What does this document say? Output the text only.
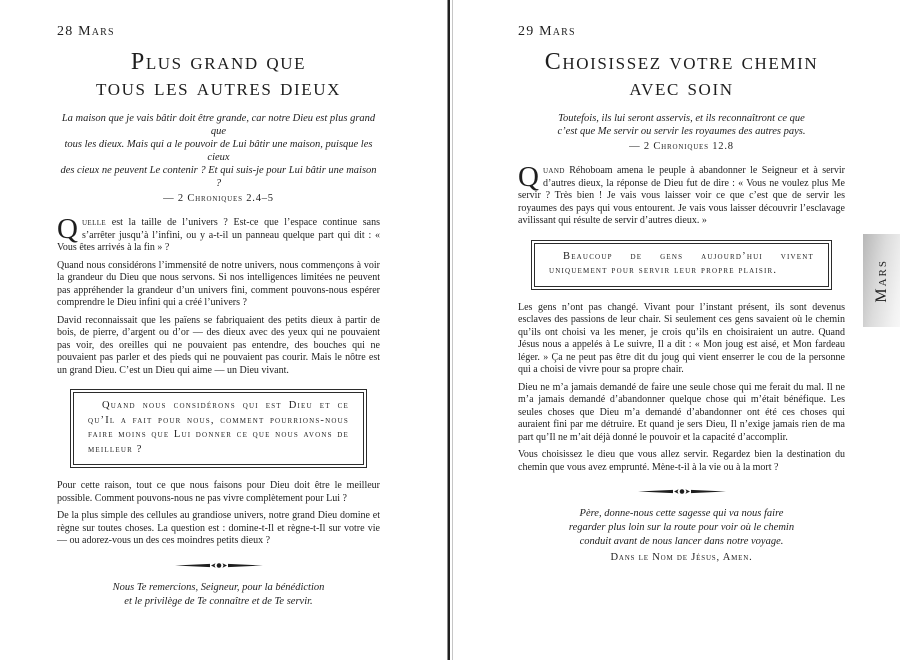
28 Mars
Plus grand que
tous les autres dieux
La maison que je vais bâtir doit être grande, car notre Dieu est plus grand que
tous les dieux. Mais qui a le pouvoir de Lui bâtir une maison, puisque les cieux
des cieux ne peuvent Le contenir ? Et qui suis-je pour Lui bâtir une maison ?
— 2 Chroniques 2.4–5

Quelle est la taille de l’univers ? Est-ce que l’espace continue sans s’arrêter jusqu’à l’infini, ou y a-t-il un panneau quelque part qui dit : « Vous êtes arrivés à la fin » ?

Quand nous considérons l’immensité de notre univers, nous commençons à voir la grandeur du Dieu que nous servons. Si nos intelligences limitées ne peuvent pas appréhender la grandeur d’un univers fini, comment pouvons-nous espérer comprendre le Dieu infini qui a créé l’univers ?

David reconnaissait que les païens se fabriquaient des petits dieux à partir de bois, de pierre, d’argent ou d’or — des dieux avec des yeux qui ne pouvaient pas voir, des oreilles qui ne pouvaient pas entendre, des bouches qui ne pouvaient pas parler et des pieds qui ne pouvaient pas courir. Mais le nôtre est un grand Dieu. C’est un Dieu qui aime — un Dieu vivant.

Quand nous considérons qui est Dieu et ce qu’Il a fait pour nous, comment pourrions-nous faire moins que Lui donner ce que nous avons de meilleur ?

Pour cette raison, tout ce que nous faisons pour Dieu doit être le meilleur possible. Comment pouvons-nous ne pas vivre complètement pour Lui ?

De la plus simple des cellules au grandiose univers, notre grand Dieu domine et règne sur toutes choses. La question est : domine-t-Il et règne-t-Il sur votre vie — ou adorez-vous un des ces moindres petits dieux ?

Nous Te remercions, Seigneur, pour la bénédiction
et le privilège de Te connaître et de Te servir.
29 Mars
Choisissez votre chemin
avec soin
Toutefois, ils lui seront asservis, et ils reconnaîtront ce que
c’est que Me servir ou servir les royaumes des autres pays.
— 2 Chroniques 12.8

Quand Réhoboam amena le peuple à abandonner le Seigneur et à servir d’autres dieux, la réponse de Dieu fut de dire : « Vous ne voulez plus Me servir ? Très bien ! Je vais vous laisser voir ce que c’est que de servir les royaumes des pays qui vous entourent. Je vais vous laisser découvrir l’esclavage avilissant qui résulte de servir d’autres dieux. »

Beaucoup de gens aujourd’hui vivent uniquement pour servir leur propre plaisir.

Les gens n’ont pas changé. Vivant pour l’instant présent, ils sont devenus esclaves des passions de leur chair. Si seulement ces gens savaient où le chemin qu’ils ont choisi va les mener, je crois qu’ils en choisiraient un autre. Quand Jésus nous a appelés à Le suivre, Il a dit : « Mon joug est aisé, et Mon fardeau léger. » Ça ne peut pas être dit du joug qui vient enserrer le cou de la personne qui a choisi de vivre pour sa propre chair.

Dieu ne m’a jamais demandé de faire une seule chose qui me ferait du mal. Il ne m’a jamais demandé d’abandonner quelque chose qui m’était bénéfique. Les seules choses que Dieu m’a demandé d’abandonner ont été ces choses qui auraient fini par me détruire. Et quand je sers Dieu, Il n’exige jamais rien de ma part qu’Il ne m’ait déjà donné le pouvoir et la capacité d’accomplir.

Vous choisissez le dieu que vous allez servir. Regardez bien la destination du chemin que vous avez emprunté. Mène-t-il à la vie ou à la mort ?

Père, donne-nous cette sagesse qui va nous faire
regarder plus loin sur la route pour voir où le chemin
conduit avant de nous lancer dans notre voyage.
Dans le Nom de Jésus, Amen.
Mars
